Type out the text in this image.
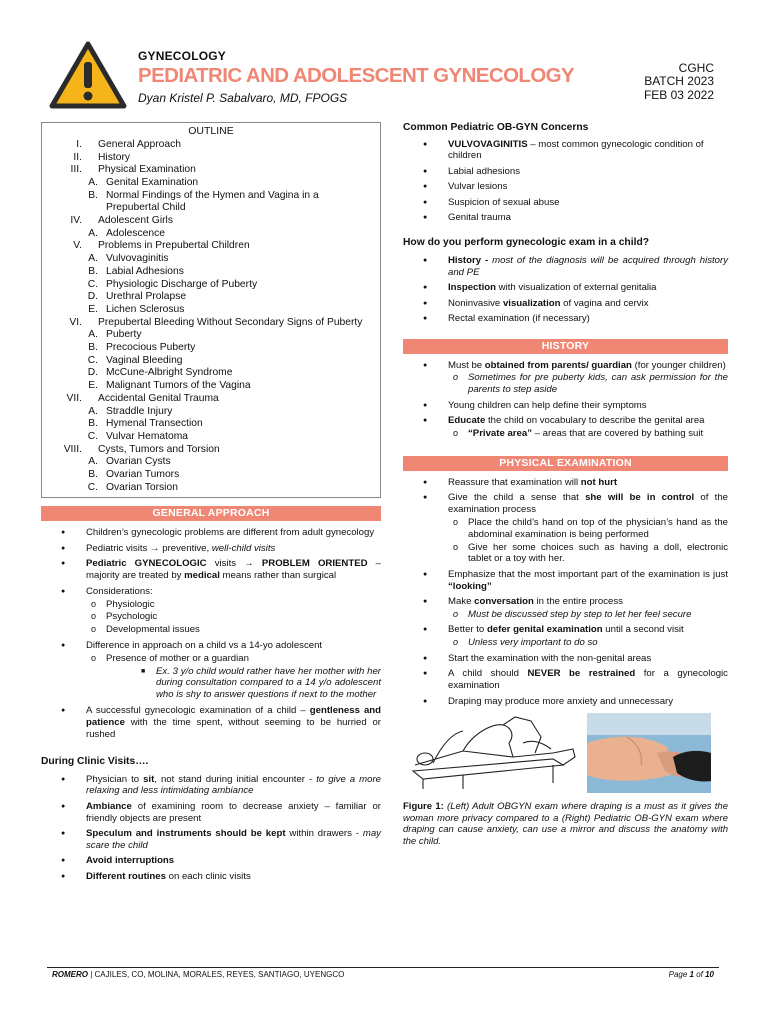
GYNECOLOGY
PEDIATRIC AND ADOLESCENT GYNECOLOGY
Dyan Kristel P. Sabalvaro, MD, FPOGS
CGHC
BATCH 2023
FEB 03 2022
OUTLINE
I.	General Approach
II.	History
III.	Physical Examination
A. Genital Examination
B. Normal Findings of the Hymen and Vagina in a Prepubertal Child
IV.	Adolescent Girls
A. Adolescence
V.	Problems in Prepubertal Children
A. Vulvovaginitis
B. Labial Adhesions
C. Physiologic Discharge of Puberty
D. Urethral Prolapse
E. Lichen Sclerosus
VI.	Prepubertal Bleeding Without Secondary Signs of Puberty
A. Puberty
B. Precocious Puberty
C. Vaginal Bleeding
D. McCune-Albright Syndrome
E. Malignant Tumors of the Vagina
VII.	Accidental Genital Trauma
A. Straddle Injury
B. Hymenal Transection
C. Vulvar Hematoma
VIII.	Cysts, Tumors and Torsion
A. Ovarian Cysts
B. Ovarian Tumors
C. Ovarian Torsion
GENERAL APPROACH
● Children’s gynecologic problems are different from adult gynecology
● Pediatric visits → preventive, well-child visits
● Pediatric GYNECOLOGIC visits → PROBLEM ORIENTED – majority are treated by medical means rather than surgical
● Considerations:
o Physiologic
o Psychologic
o Developmental issues
● Difference in approach on a child vs a 14-yo adolescent
o Presence of mother or a guardian
■ Ex. 3 y/o child would rather have her mother with her during consultation compared to a 14 y/o adolescent who is shy to answer questions if next to the mother
● A successful gynecologic examination of a child – gentleness and patience with the time spent, without seeming to be hurried or rushed
During Clinic Visits….
● Physician to sit, not stand during initial encounter - to give a more relaxing and less intimidating ambiance
● Ambiance of examining room to decrease anxiety – familiar or friendly objects are present
● Speculum and instruments should be kept within drawers - may scare the child
● Avoid interruptions
● Different routines on each clinic visits
Common Pediatric OB-GYN Concerns
● VULVOVAGINITIS – most common gynecologic condition of children
● Labial adhesions
● Vulvar lesions
● Suspicion of sexual abuse
● Genital trauma
How do you perform gynecologic exam in a child?
● History - most of the diagnosis will be acquired through history and PE
● Inspection with visualization of external genitalia
● Noninvasive visualization of vagina and cervix
● Rectal examination (if necessary)
HISTORY
● Must be obtained from parents/ guardian (for younger children)
o Sometimes for pre puberty kids, can ask permission for the parents to step aside
● Young children can help define their symptoms
● Educate the child on vocabulary to describe the genital area
o “Private area” – areas that are covered by bathing suit
PHYSICAL EXAMINATION
● Reassure that examination will not hurt
● Give the child a sense that she will be in control of the examination process
o Place the child’s hand on top of the physician’s hand as the abdominal examination is being performed
o Give her some choices such as having a doll, electronic tablet or a toy with her.
● Emphasize that the most important part of the examination is just “looking”
● Make conversation in the entire process
o Must be discussed step by step to let her feel secure
● Better to defer genital examination until a second visit
o Unless very important to do so
● Start the examination with the non-genital areas
● A child should NEVER be restrained for a gynecologic examination
● Draping may produce more anxiety and unnecessary
Figure 1: (Left) Adult OBGYN exam where draping is a must as it gives the woman more privacy compared to a (Right) Pediatric OB-GYN exam where draping can cause anxiety, can use a mirror and discuss the anatomy with the child.
ROMERO | CAJILES, CO, MOLINA, MORALES, REYES, SANTIAGO, UYENGCO	Page 1 of 10
